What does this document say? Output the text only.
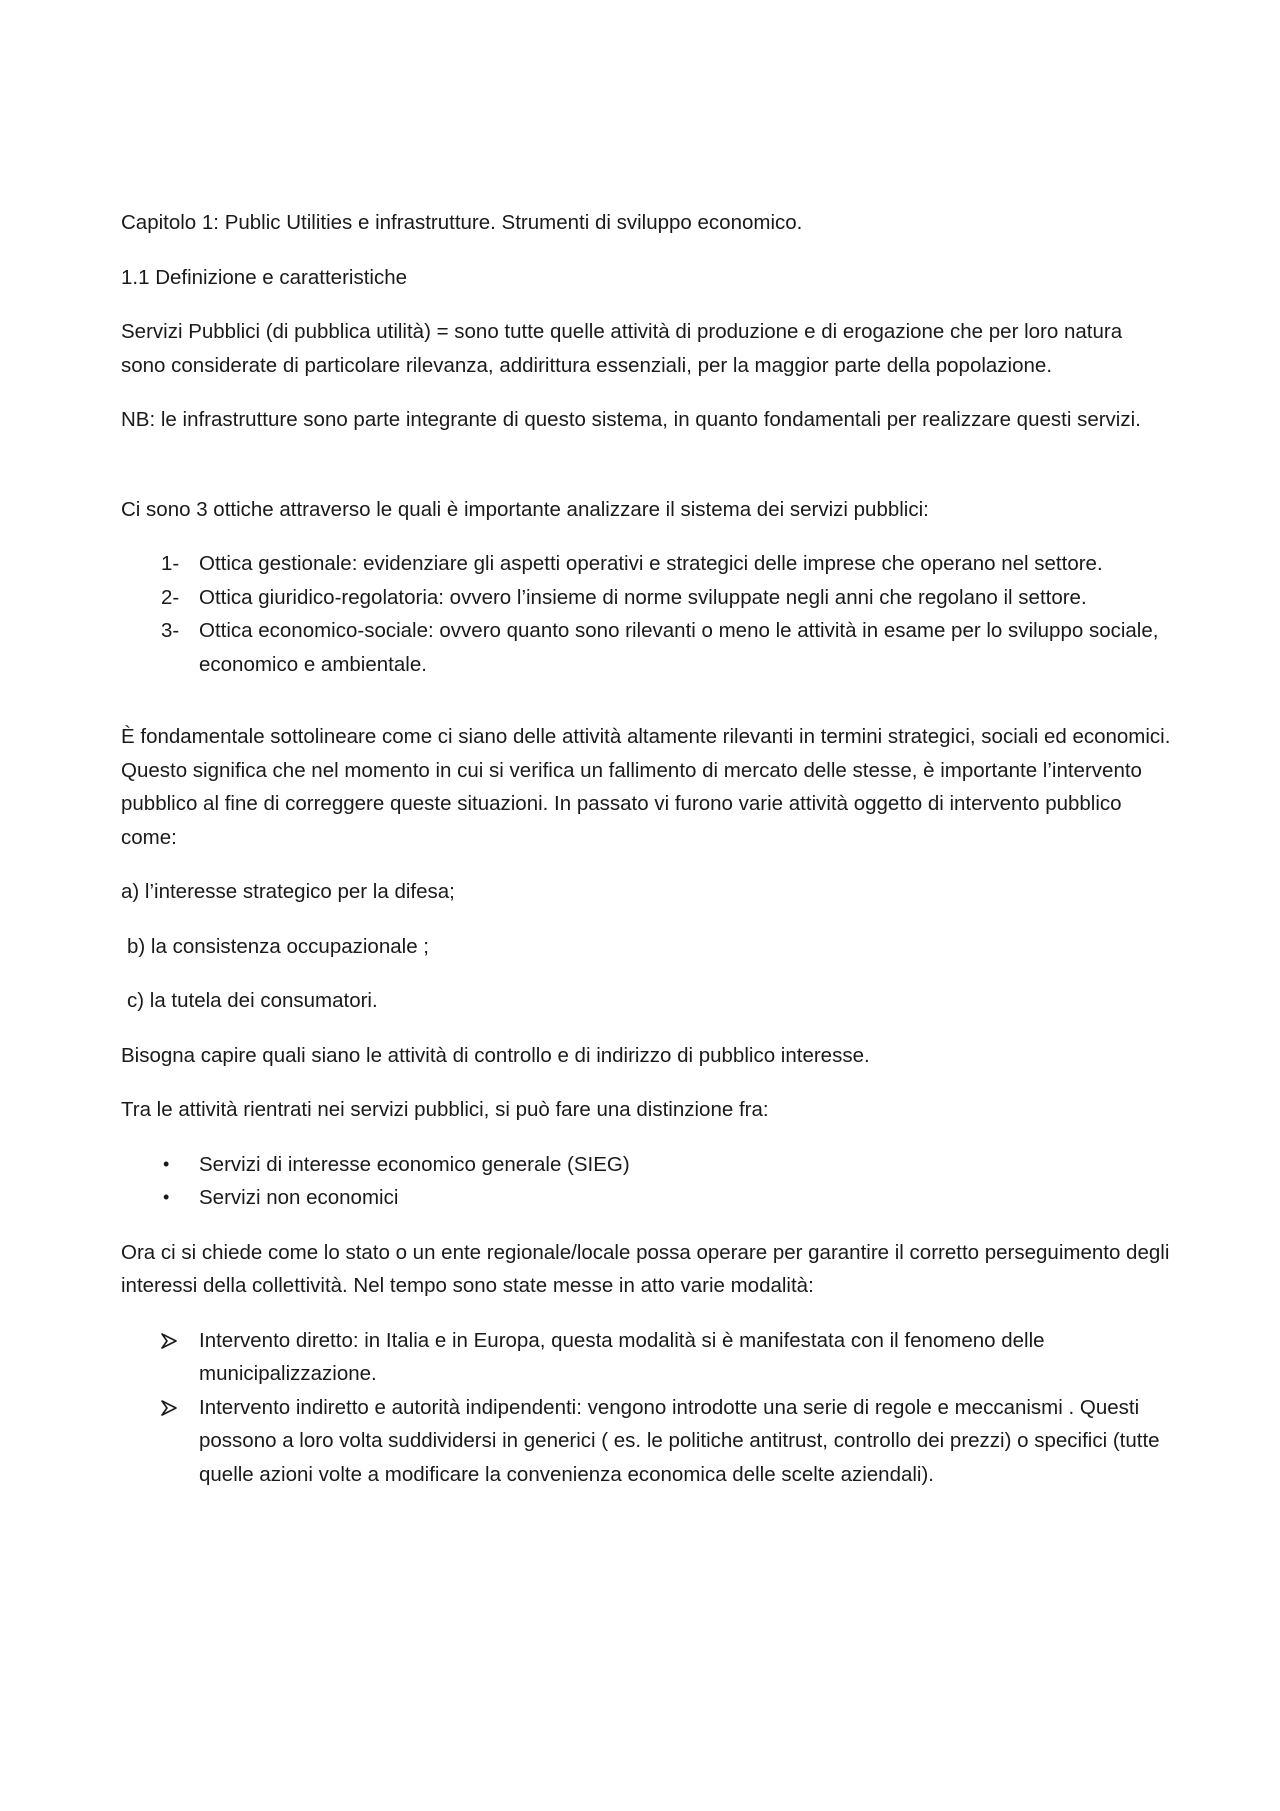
Capitolo 1: Public Utilities e infrastrutture. Strumenti di sviluppo economico.

1.1 Definizione e caratteristiche

Servizi Pubblici (di pubblica utilità) = sono tutte quelle attività di produzione e di erogazione che per loro natura sono considerate di particolare rilevanza, addirittura essenziali, per la maggior parte della popolazione.

NB: le infrastrutture sono parte integrante di questo sistema, in quanto fondamentali per realizzare questi servizi.

Ci sono 3 ottiche attraverso le quali è importante analizzare il sistema dei servizi pubblici:

1- Ottica gestionale: evidenziare gli aspetti operativi e strategici delle imprese che operano nel settore.
2- Ottica giuridico-regolatoria: ovvero l’insieme di norme sviluppate negli anni che regolano il settore.
3- Ottica economico-sociale: ovvero quanto sono rilevanti o meno le attività in esame per lo sviluppo sociale, economico e ambientale.

È fondamentale sottolineare come ci siano delle attività altamente rilevanti in termini strategici, sociali ed economici. Questo significa che nel momento in cui si verifica un fallimento di mercato delle stesse, è importante l’intervento pubblico al fine di correggere queste situazioni. In passato vi furono varie attività oggetto di intervento pubblico come:

a) l’interesse strategico per la difesa;

b) la consistenza occupazionale ;

c) la tutela dei consumatori.

Bisogna capire quali siano le attività di controllo e di indirizzo di pubblico interesse.

Tra le attività rientrati nei servizi pubblici, si può fare una distinzione fra:

• Servizi di interesse economico generale (SIEG)
• Servizi non economici

Ora ci si chiede come lo stato o un ente regionale/locale possa operare per garantire il corretto perseguimento degli interessi della collettività. Nel tempo sono state messe in atto varie modalità:

Intervento diretto: in Italia e in Europa, questa modalità si è manifestata con il fenomeno delle municipalizzazione.
Intervento indiretto e autorità indipendenti: vengono introdotte una serie di regole e meccanismi . Questi possono a loro volta suddividersi in generici ( es. le politiche antitrust, controllo dei prezzi) o specifici (tutte quelle azioni volte a modificare la convenienza economica delle scelte aziendali).
